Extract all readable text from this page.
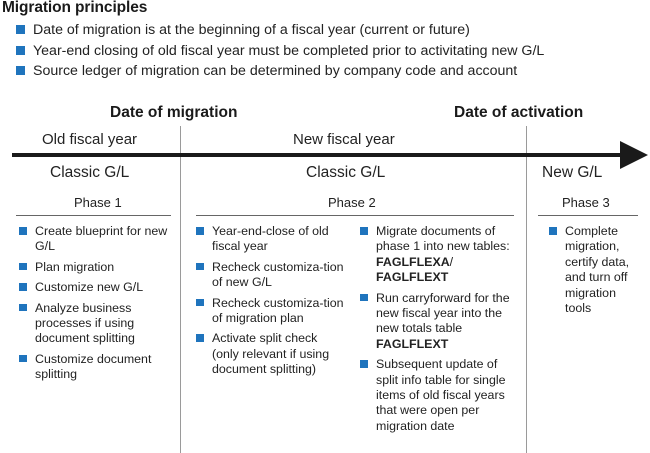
Migration principles
Date of migration is at the beginning of a fiscal year (current or future)
Year-end closing of old fiscal year must be completed prior to activitating new G/L
Source ledger of migration can be determined by company code and account
Date of migration	Date of activation
Old fiscal year	New fiscal year
Classic G/L	Classic G/L	New G/L
Phase 1	Phase 2	Phase 3
Create blueprint for new G/L
Plan migration
Customize new G/L
Analyze business processes if using document splitting
Customize document splitting
Year-end-close of old fiscal year
Recheck customiza-tion of new G/L
Recheck customiza-tion of migration plan
Activate split check (only relevant if using document splitting)
Migrate documents of phase 1 into new tables: FAGLFLEXA/ FAGLFLEXT
Run carryforward for the new fiscal year into the new totals table FAGLFLEXT
Subsequent update of split info table for single items of old fiscal years that were open per migration date
Complete migration, certify data, and turn off migration tools
